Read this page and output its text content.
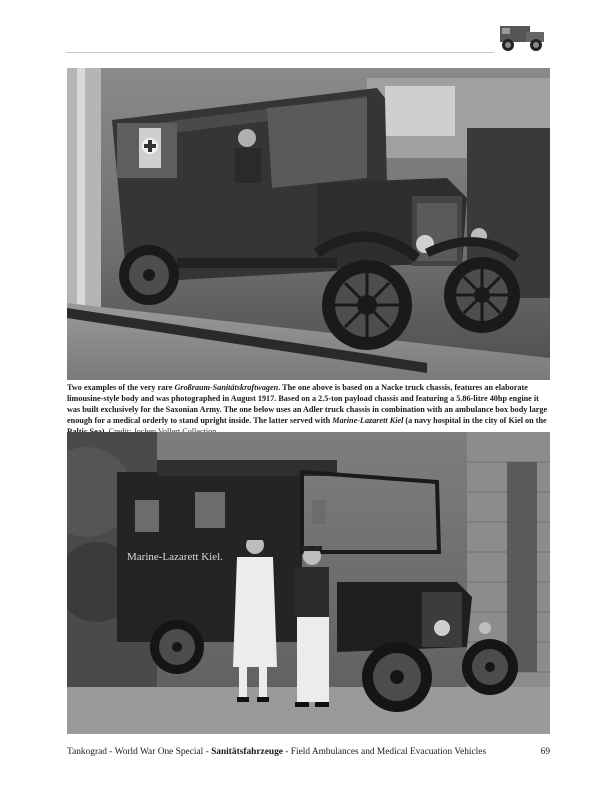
Two examples of the very rare Großraum-Sanitätskraftwagen. The one above is based on a Nacke truck chassis, features an elaborate limousine-style body and was photographed in August 1917. Based on a 2.5-ton payload chassis and featuring a 5.86-litre 40hp engine it was built exclusively for the Saxonian Army. The one below uses an Adler truck chassis in combination with an ambulance box body large enough for a medical orderly to stand upright inside. The latter served with Marine-Lazarett Kiel (a navy hospital in the city of Kiel on the

Marine-Lazarett Kiel.
Tankograd - World War One Special - Sanitätsfahrzeuge - Field Ambulances and Medical Evacuation Vehicles	69
